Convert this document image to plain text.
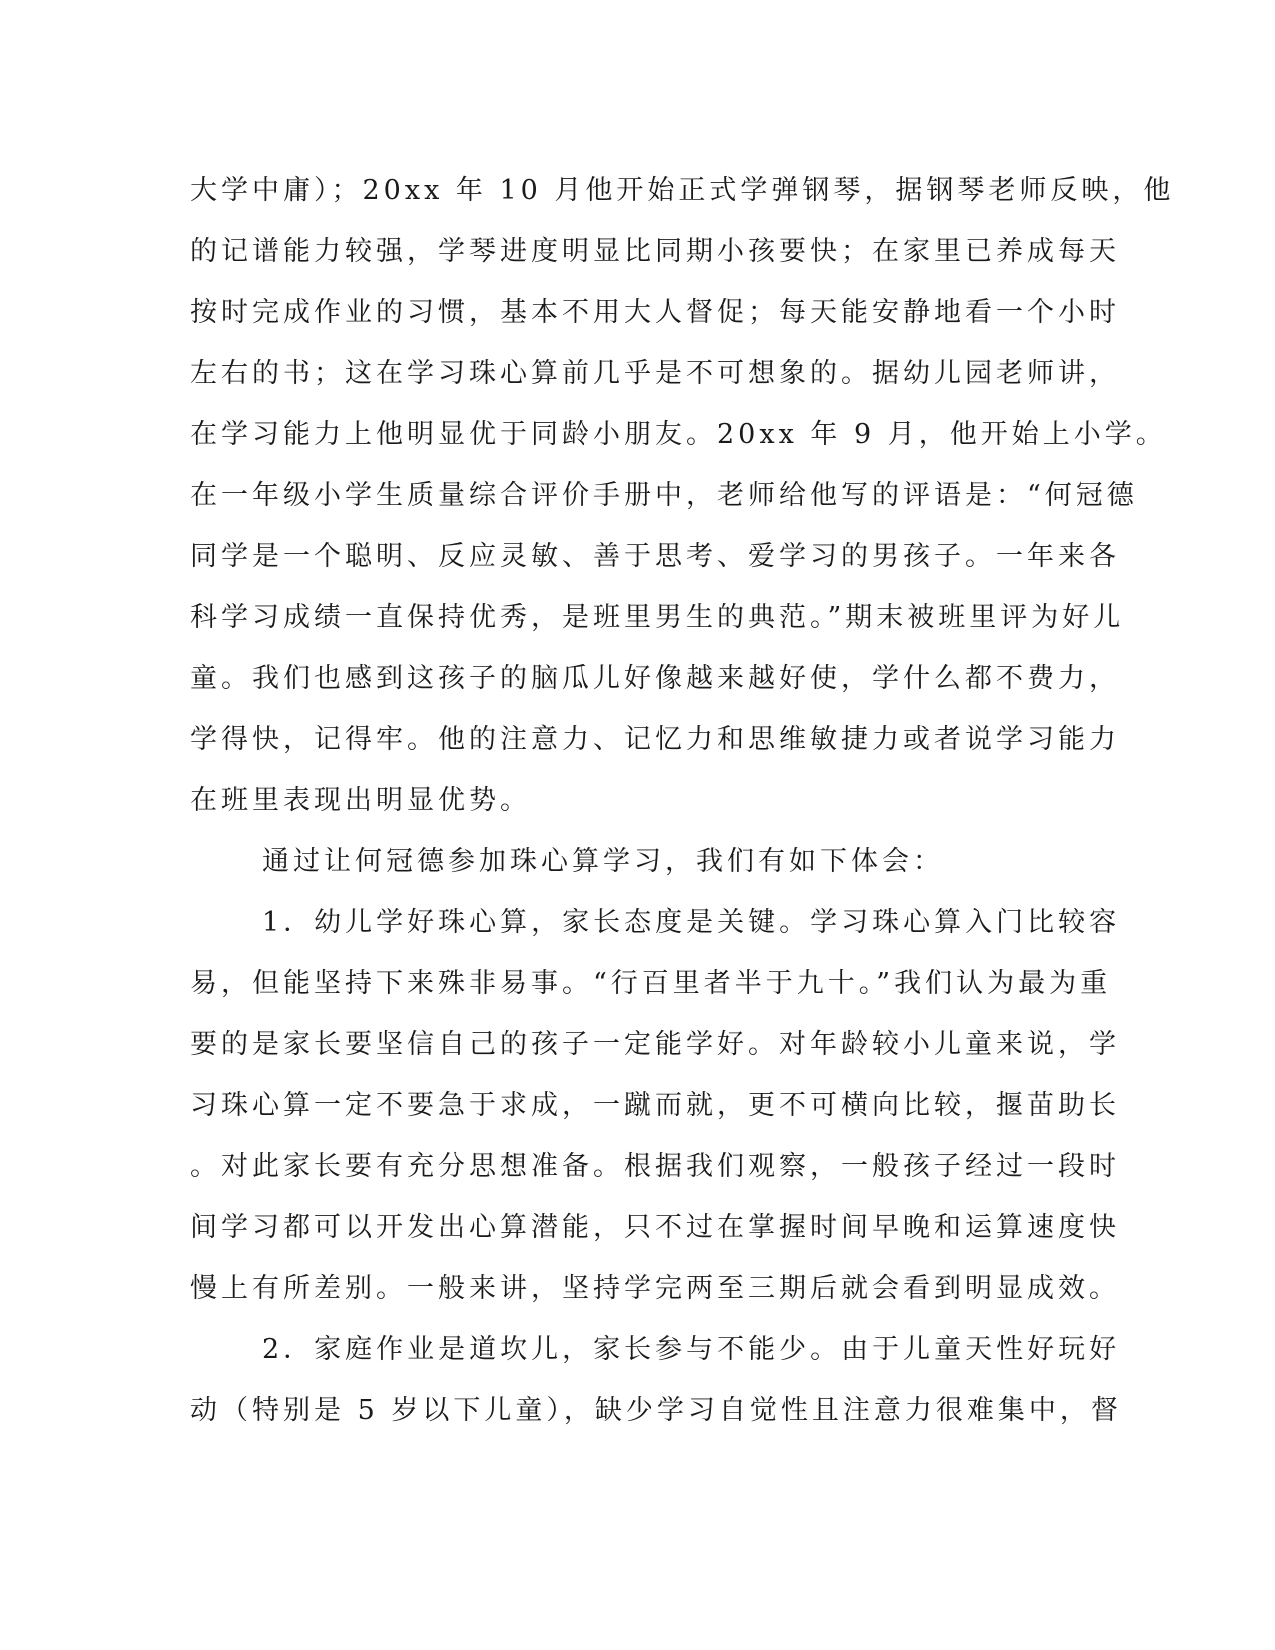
大学中庸）；20xx 年 10 月他开始正式学弹钢琴，据钢琴老师反映，他
的记谱能力较强，学琴进度明显比同期小孩要快；在家里已养成每天
按时完成作业的习惯，基本不用大人督促；每天能安静地看一个小时
左右的书；这在学习珠心算前几乎是不可想象的。据幼儿园老师讲，
在学习能力上他明显优于同龄小朋友。20xx 年 9 月，他开始上小学。
在一年级小学生质量综合评价手册中，老师给他写的评语是：“何冠德
同学是一个聪明、反应灵敏、善于思考、爱学习的男孩子。一年来各
科学习成绩一直保持优秀，是班里男生的典范。”期末被班里评为好儿
童。我们也感到这孩子的脑瓜儿好像越来越好使，学什么都不费力，
学得快，记得牢。他的注意力、记忆力和思维敏捷力或者说学习能力
在班里表现出明显优势。
通过让何冠德参加珠心算学习，我们有如下体会：
1．幼儿学好珠心算，家长态度是关键。学习珠心算入门比较容
易，但能坚持下来殊非易事。“行百里者半于九十。”我们认为最为重
要的是家长要坚信自己的孩子一定能学好。对年龄较小儿童来说，学
习珠心算一定不要急于求成，一蹴而就，更不可横向比较，揠苗助长
。对此家长要有充分思想准备。根据我们观察，一般孩子经过一段时
间学习都可以开发出心算潜能，只不过在掌握时间早晚和运算速度快
慢上有所差别。一般来讲，坚持学完两至三期后就会看到明显成效。
2．家庭作业是道坎儿，家长参与不能少。由于儿童天性好玩好
动（特别是 5 岁以下儿童），缺少学习自觉性且注意力很难集中，督
